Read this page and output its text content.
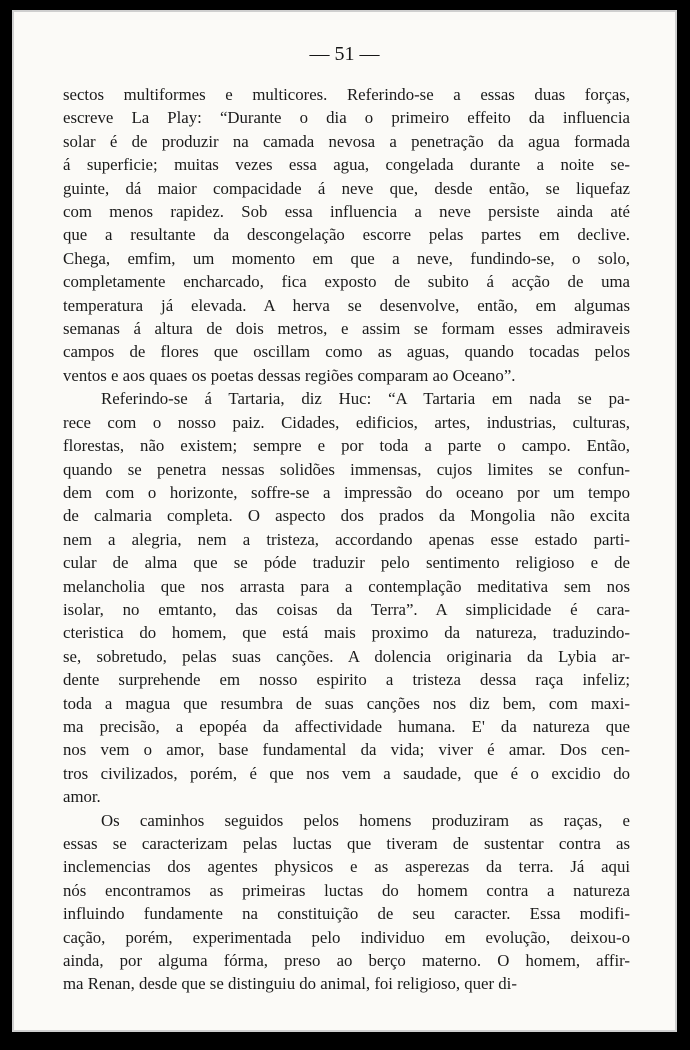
— 51 —

sectos multiformes e multicores. Referindo-se a essas duas forças,
escreve La Play: “Durante o dia o primeiro effeito da influencia
solar é de produzir na camada nevosa a penetração da agua formada
á superficie; muitas vezes essa agua, congelada durante a noite se-
guinte, dá maior compacidade á neve que, desde então, se liquefaz
com menos rapidez. Sob essa influencia a neve persiste ainda até
que a resultante da descongelação escorre pelas partes em declive.
Chega, emfim, um momento em que a neve, fundindo-se, o solo,
completamente encharcado, fica exposto de subito á acção de uma
temperatura já elevada. A herva se desenvolve, então, em algumas
semanas á altura de dois metros, e assim se formam esses admiraveis
campos de flores que oscillam como as aguas, quando tocadas pelos
ventos e aos quaes os poetas dessas regiões comparam ao Oceano”.

Referindo-se á Tartaria, diz Huc: “A Tartaria em nada se pa-
rece com o nosso paiz. Cidades, edificios, artes, industrias, culturas,
florestas, não existem; sempre e por toda a parte o campo. Então,
quando se penetra nessas solidões immensas, cujos limites se confun-
dem com o horizonte, soffre-se a impressão do oceano por um tempo
de calmaria completa. O aspecto dos prados da Mongolia não excita
nem a alegria, nem a tristeza, accordando apenas esse estado parti-
cular de alma que se póde traduzir pelo sentimento religioso e de
melancholia que nos arrasta para a contemplação meditativa sem nos
isolar, no emtanto, das coisas da Terra”. A simplicidade é cara-
cteristica do homem, que está mais proximo da natureza, traduzindo-
se, sobretudo, pelas suas canções. A dolencia originaria da Lybia ar-
dente surprehende em nosso espirito a tristeza dessa raça infeliz;
toda a magua que resumbra de suas canções nos diz bem, com maxi-
ma precisão, a epopéa da affectividade humana. E' da natureza que
nos vem o amor, base fundamental da vida; viver é amar. Dos cen-
tros civilizados, porém, é que nos vem a saudade, que é o excidio do
amor.

Os caminhos seguidos pelos homens produziram as raças, e
essas se caracterizam pelas luctas que tiveram de sustentar contra as
inclemencias dos agentes physicos e as asperezas da terra. Já aqui
nós encontramos as primeiras luctas do homem contra a natureza
influindo fundamente na constituição de seu caracter. Essa modifi-
cação, porém, experimentada pelo individuo em evolução, deixou-o
ainda, por alguma fórma, preso ao berço materno. O homem, affir-
ma Renan, desde que se distinguiu do animal, foi religioso, quer di-
